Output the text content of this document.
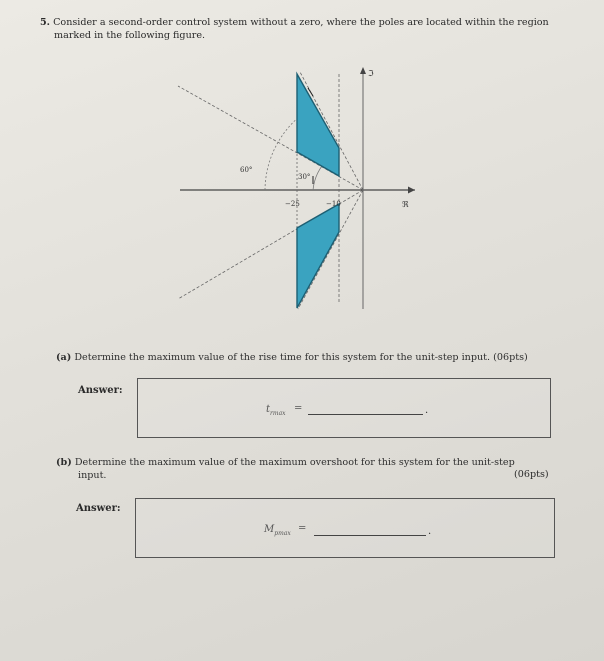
5. Consider a second-order control system without a zero, where the poles are located within the region
marked in the following figure.
60°
30°
−25	−10
ℑ
ℜ
(a) Determine the maximum value of the rise time for this system for the unit-step input. (06pts)
Answer:
$t_{rmax}$ =	.
(b) Determine the maximum value of the maximum overshoot for this system for the unit-step
input.	(06pts)
Answer:
$M_{pmax}$ =	.
